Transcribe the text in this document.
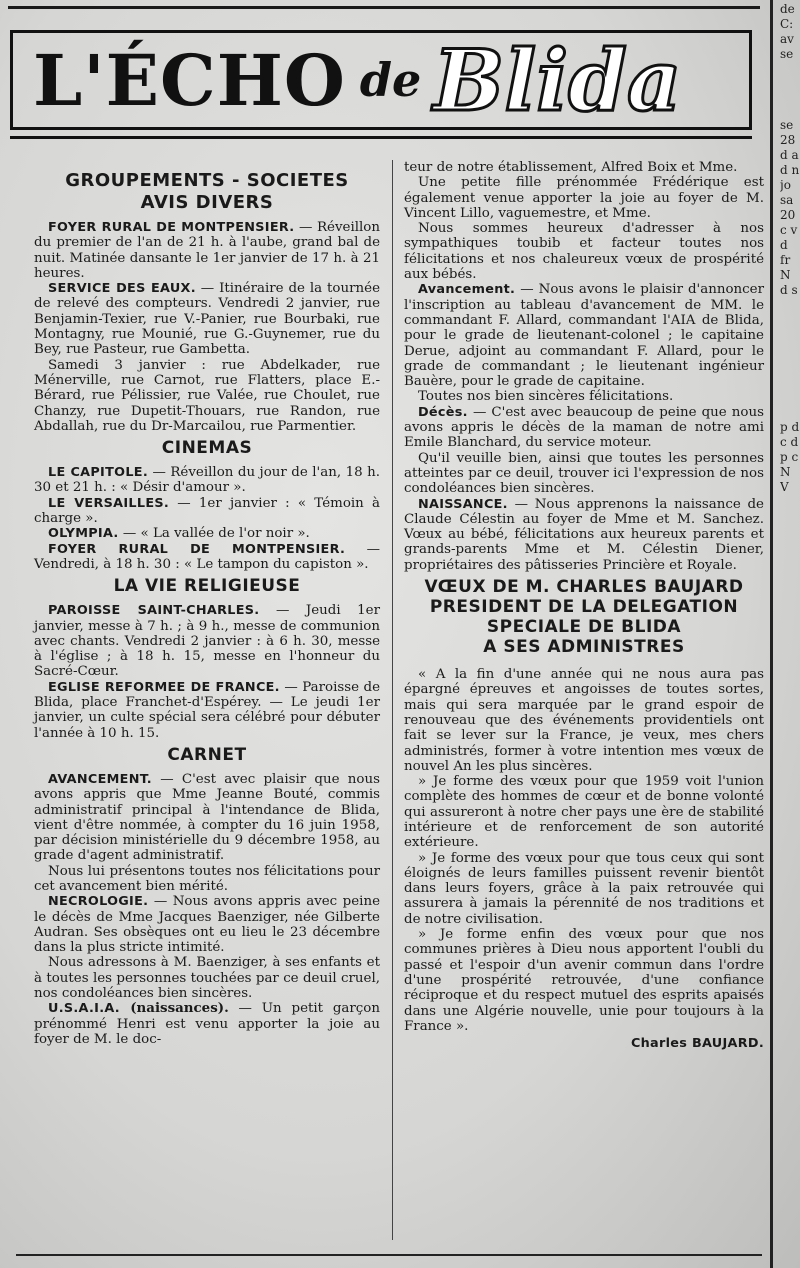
L'ÉCHO de Blida
GROUPEMENTS - SOCIETES
AVIS DIVERS

FOYER RURAL DE MONTPENSIER. — Réveillon du premier de l'an de 21 h. à l'aube, grand bal de nuit. Matinée dansante le 1er janvier de 17 h. à 21 heures.

SERVICE DES EAUX. — Itinéraire de la tournée de relevé des compteurs. Vendredi 2 janvier, rue Benjamin-Texier, rue V.-Panier, rue Bourbaki, rue Montagny, rue Mounié, rue G.-Guynemer, rue du Bey, rue Pasteur, rue Gambetta.

Samedi 3 janvier : rue Abdelkader, rue Ménerville, rue Carnot, rue Flatters, place E.-Bérard, rue Pélissier, rue Valée, rue Choulet, rue Chanzy, rue Dupetit-Thouars, rue Randon, rue Abdallah, rue du Dr-Marcailou, rue Parmentier.

CINEMAS

LE CAPITOLE. — Réveillon du jour de l'an, 18 h. 30 et 21 h. : « Désir d'amour ».

LE VERSAILLES. — 1er janvier : « Témoin à charge ».

OLYMPIA. — « La vallée de l'or noir ».

FOYER RURAL DE MONTPENSIER. — Vendredi, à 18 h. 30 : « Le tampon du capiston ».

LA VIE RELIGIEUSE

PAROISSE SAINT-CHARLES. — Jeudi 1er janvier, messe à 7 h. ; à 9 h., messe de communion avec chants. Vendredi 2 janvier : à 6 h. 30, messe à l'église ; à 18 h. 15, messe en l'honneur du Sacré-Cœur.

EGLISE REFORMEE DE FRANCE. — Paroisse de Blida, place Franchet-d'Espérey. — Le jeudi 1er janvier, un culte spécial sera célébré pour débuter l'année à 10 h. 15.

CARNET

AVANCEMENT. — C'est avec plaisir que nous avons appris que Mme Jeanne Bouté, commis administratif principal à l'intendance de Blida, vient d'être nommée, à compter du 16 juin 1958, par décision ministérielle du 9 décembre 1958, au grade d'agent administratif.

Nous lui présentons toutes nos félicitations pour cet avancement bien mérité.

NECROLOGIE. — Nous avons appris avec peine le décès de Mme Jacques Baenziger, née Gilberte Audran. Ses obsèques ont eu lieu le 23 décembre dans la plus stricte intimité.

Nous adressons à M. Baenziger, à ses enfants et à toutes les personnes touchées par ce deuil cruel, nos condoléances bien sincères.

U.S.A.I.A. (naissances). — Un petit garçon prénommé Henri est venu apporter la joie au foyer de M. le doc-

teur de notre établissement, Alfred Boix et Mme.

Une petite fille prénommée Frédérique est également venue apporter la joie au foyer de M. Vincent Lillo, vaguemestre, et Mme.

Nous sommes heureux d'adresser à nos sympathiques toubib et facteur toutes nos félicitations et nos chaleureux vœux de prospérité aux bébés.

Avancement. — Nous avons le plaisir d'annoncer l'inscription au tableau d'avancement de MM. le commandant F. Allard, commandant l'AIA de Blida, pour le grade de lieutenant-colonel ; le capitaine Derue, adjoint au commandant F. Allard, pour le grade de commandant ; le lieutenant ingénieur Bauère, pour le grade de capitaine.

Toutes nos bien sincères félicitations.

Décès. — C'est avec beaucoup de peine que nous avons appris le décès de la maman de notre ami Emile Blanchard, du service moteur.

Qu'il veuille bien, ainsi que toutes les personnes atteintes par ce deuil, trouver ici l'expression de nos condoléances bien sincères.

NAISSANCE. — Nous apprenons la naissance de Claude Célestin au foyer de Mme et M. Sanchez. Vœux au bébé, félicitations aux heureux parents et grands-parents Mme et M. Célestin Diener, propriétaires des pâtisseries Princière et Royale.

VŒUX DE M. CHARLES BAUJARD
PRESIDENT DE LA DELEGATION
SPECIALE DE BLIDA
A SES ADMINISTRES

« A la fin d'une année qui ne nous aura pas épargné épreuves et angoisses de toutes sortes, mais qui sera marquée par le grand espoir de renouveau que des événements providentiels ont fait se lever sur la France, je veux, mes chers administrés, former à votre intention mes vœux de nouvel An les plus sincères.

» Je forme des vœux pour que 1959 voit l'union complète des hommes de cœur et de bonne volonté qui assureront à notre cher pays une ère de stabilité intérieure et de renforcement de son autorité extérieure.

» Je forme des vœux pour que tous ceux qui sont éloignés de leurs familles puissent revenir bientôt dans leurs foyers, grâce à la paix retrouvée qui assurera à jamais la pérennité de nos traditions et de notre civilisation.

» Je forme enfin des vœux pour que nos communes prières à Dieu nous apportent l'oubli du passé et l'espoir d'un avenir commun dans l'ordre d'une prospérité retrouvée, d'une confiance réciproque et du respect mutuel des esprits apaisés dans une Algérie nouvelle, unie pour toujours à la France ».

Charles BAUJARD.

de C: av se
se 28 d a d n jo sa 20 c v d fr N d s
p d c d p c N V
